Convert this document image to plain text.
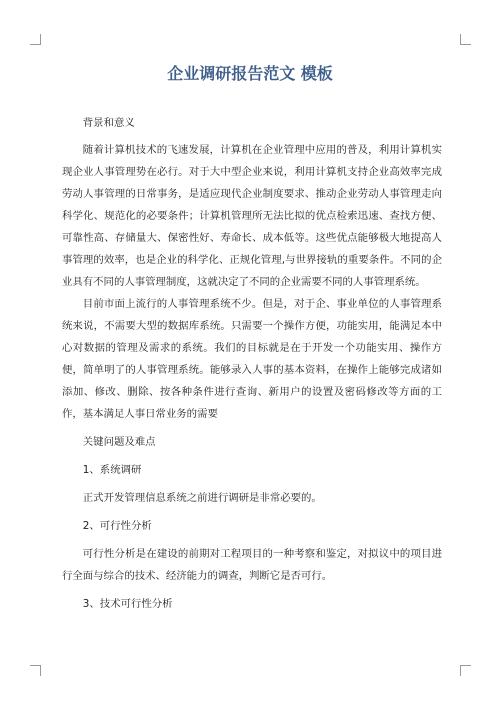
企业调研报告范文 模板

背景和意义

随着计算机技术的飞速发展，计算机在企业管理中应用的普及，利用计算机实现企业人事管理势在必行。对于大中型企业来说，利用计算机支持企业高效率完成劳动人事管理的日常事务，是适应现代企业制度要求、推动企业劳动人事管理走向科学化、规范化的必要条件；计算机管理所无法比拟的优点检索迅速、查找方便、可靠性高、存储量大、保密性好、寿命长、成本低等。这些优点能够极大地提高人事管理的效率，也是企业的科学化、正规化管理,与世界接轨的重要条件。不同的企业具有不同的人事管理制度，这就决定了不同的企业需要不同的人事管理系统。

目前市面上流行的人事管理系统不少。但是，对于企、事业单位的人事管理系统来说，不需要大型的数据库系统。只需要一个操作方便，功能实用，能满足本中心对数据的管理及需求的系统。我们的目标就是在于开发一个功能实用、操作方便，简单明了的人事管理系统。能够录入人事的基本资料，在操作上能够完成诸如添加、修改、删除、按各种条件进行查询、新用户的设置及密码修改等方面的工作，基本满足人事日常业务的需要

关键问题及难点

1、系统调研

正式开发管理信息系统之前进行调研是非常必要的。

2、可行性分析

可行性分析是在建设的前期对工程项目的一种考察和鉴定，对拟议中的项目进行全面与综合的技术、经济能力的调查，判断它是否可行。

3、技术可行性分析
